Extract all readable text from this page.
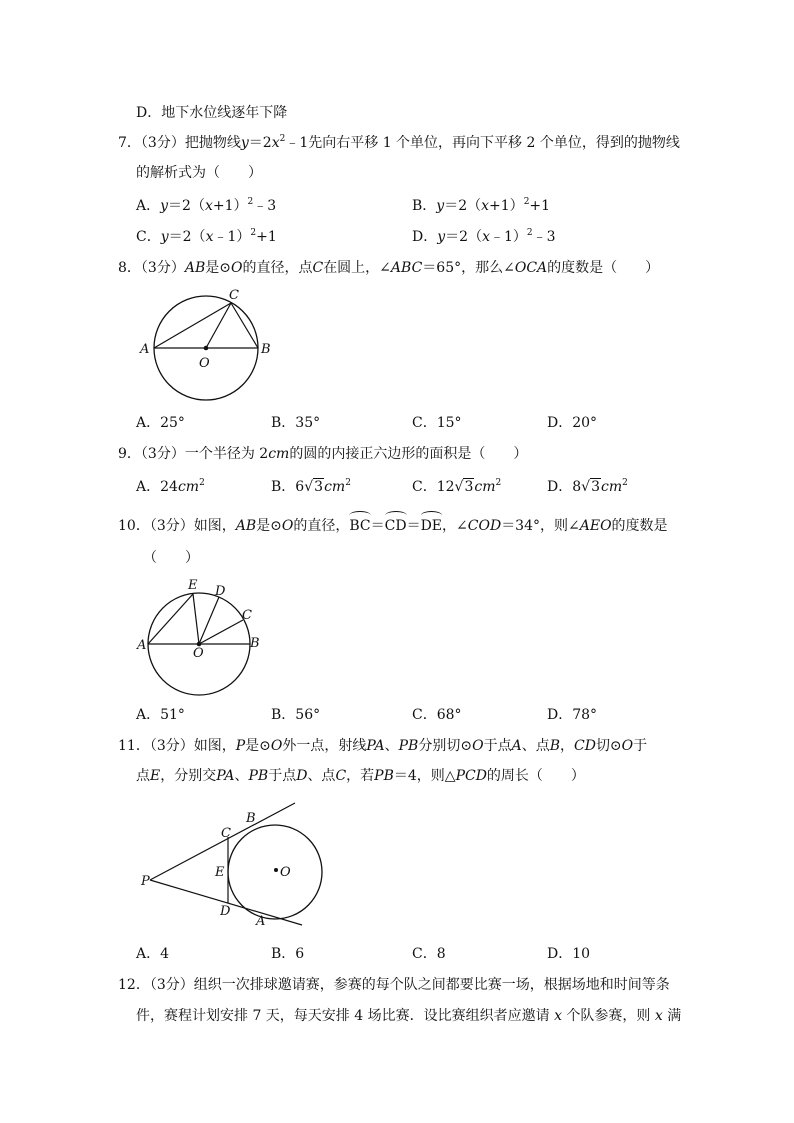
D．地下水位线逐年下降
7．（3分）把抛物线$y=2x^2﹣1$先向右平移 1 个单位，再向下平移 2 个单位，得到的抛物线
的解析式为（　　）
A．$y=2(x+1)^2﹣3$	B．$y=2(x+1)^2+1$
C．y＝2（x﹣1）$^2$+1	D．y＝2（x﹣1）$^2$﹣3
8．（3分）AB是⊙O的直径，点C在圆上，∠ABC＝65°，那么∠OCA的度数是（　　）
A	B
C
O
A．25°	B．35°	C．15°	D．20°
9．（3分）一个半径为 2cm的圆的内接正六边形的面积是（　　）
A．$24cm^2$	B．$6√3cm^2$	C．$12√3cm^2$	D．$8√3cm^2$
10．（3分）如图，AB是⊙O的直径，BC＝CD＝DE，∠COD＝34°，则∠AEO的度数是
（　　）
A	B
C
D
E
O
A．51°	B．56°	C．68°	D．78°
11．（3分）如图，P是⊙O外一点，射线PA、PB分别切⊙O于点A、点B，CD切⊙O于
点E，分别交PA、PB于点D、点C，若PB＝4，则△PCD的周长（　　）
P
B
C
E
D
A
O
A．4	B．6	C．8	D．10
12．（3分）组织一次排球邀请赛，参赛的每个队之间都要比赛一场，根据场地和时间等条
件，赛程计划安排 7 天，每天安排 4 场比赛．设比赛组织者应邀请 x 个队参赛，则 x 满
